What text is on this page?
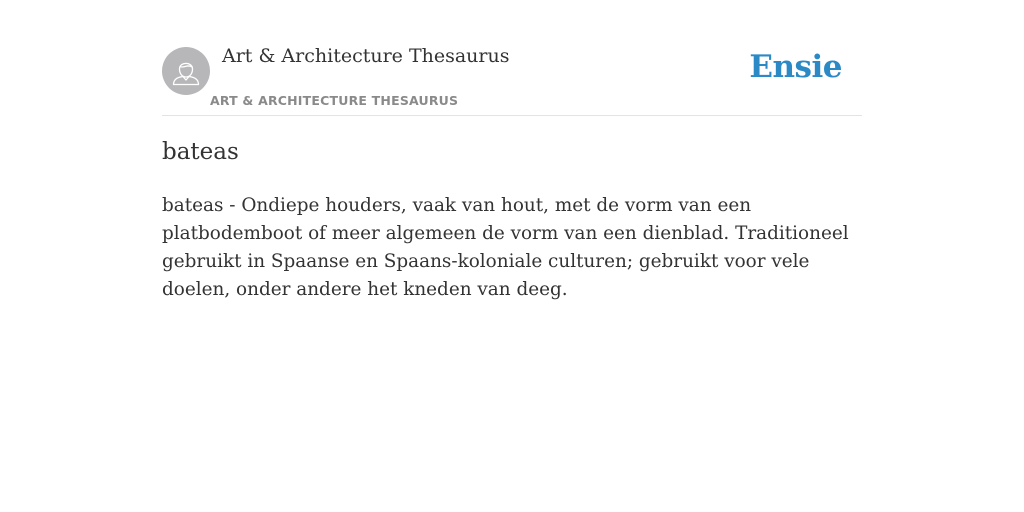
Art & Architecture Thesaurus
ART & ARCHITECTURE THESAURUS
Ensie
bateas

bateas - Ondiepe houders, vaak van hout, met de vorm van een platbodemboot of meer algemeen de vorm van een dienblad. Traditioneel gebruikt in Spaanse en Spaans-koloniale culturen; gebruikt voor vele doelen, onder andere het kneden van deeg.
